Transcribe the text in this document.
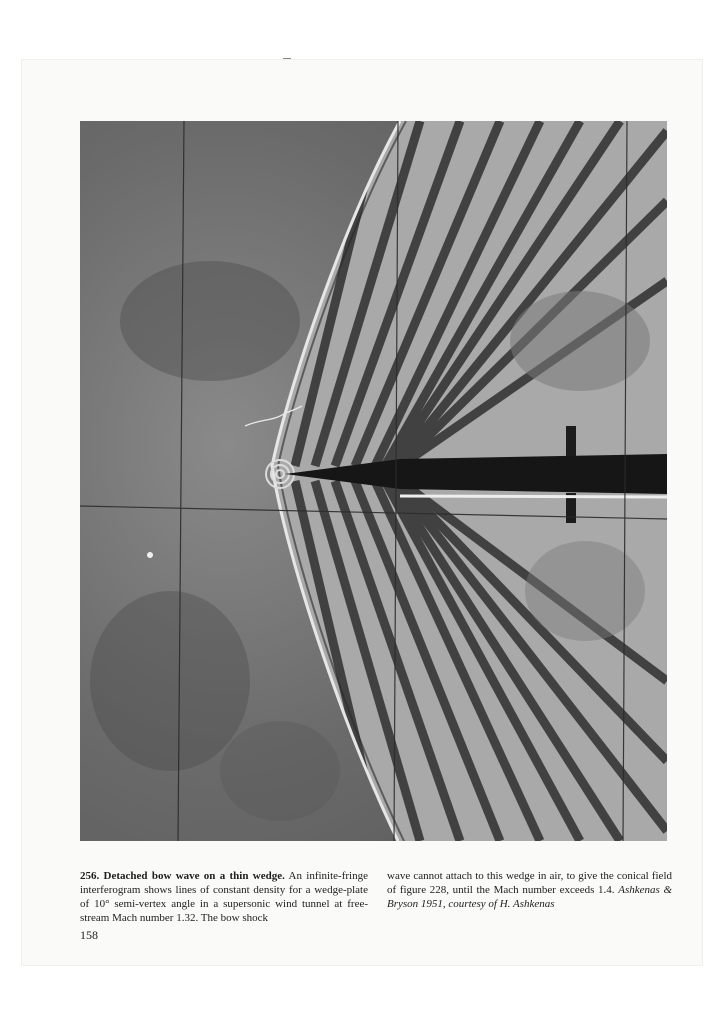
256. Detached bow wave on a thin wedge. An infinite-fringe interferogram shows lines of constant density for a wedge-plate of 10° semi-vertex angle in a supersonic wind tunnel at free-stream Mach number 1.32. The bow shock

wave cannot attach to this wedge in air, to give the conical field of figure 228, until the Mach number exceeds 1.4. Ashkenas & Bryson 1951, courtesy of H. Ashkenas

158
